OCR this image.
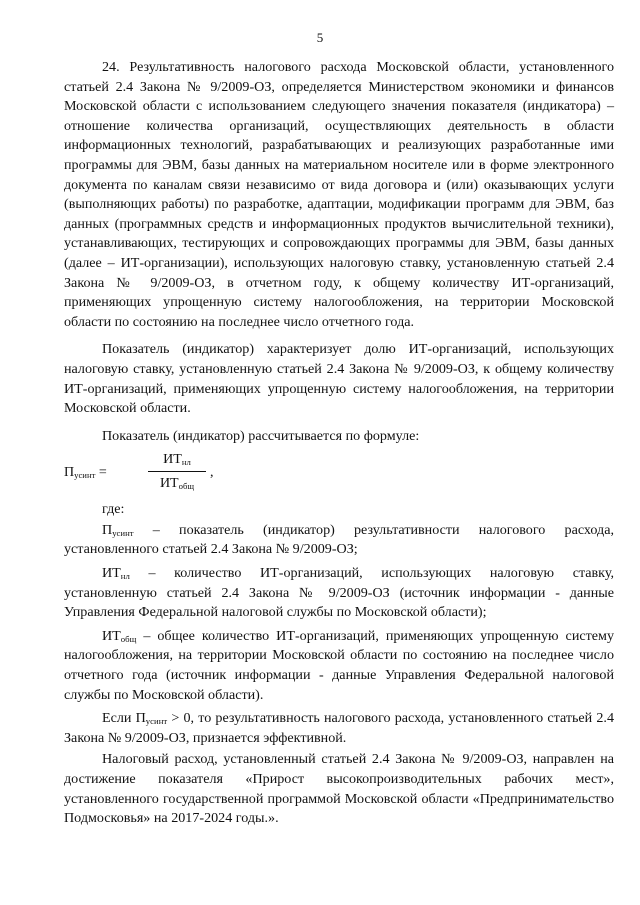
5

24. Результативность налогового расхода Московской области, установленного статьей 2.4 Закона № 9/2009-ОЗ, определяется Министерством экономики и финансов Московской области с использованием следующего значения показателя (индикатора) – отношение количества организаций, осуществляющих деятельность в области информационных технологий, разрабатывающих и реализующих разработанные ими программы для ЭВМ, базы данных на материальном носителе или в форме электронного документа по каналам связи независимо от вида договора и (или) оказывающих услуги (выполняющих работы) по разработке, адаптации, модификации программ для ЭВМ, баз данных (программных средств и информационных продуктов вычислительной техники), устанавливающих, тестирующих и сопровождающих программы для ЭВМ, базы данных (далее – ИТ-организации), использующих налоговую ставку, установленную статьей 2.4 Закона № 9/2009-ОЗ, в отчетном году, к общему количеству ИТ-организаций, применяющих упрощенную систему налогообложения, на территории Московской области по состоянию на последнее число отчетного года.

Показатель (индикатор) характеризует долю ИТ-организаций, использующих налоговую ставку, установленную статьей 2.4 Закона № 9/2009-ОЗ, к общему количеству ИТ-организаций, применяющих упрощенную систему налогообложения, на территории Московской области.

Показатель (индикатор) рассчитывается по формуле:

$П_{усинт}$ =
$ИТ_{нл}$
$ИТ_{общ}$
,

где:

$П_{усинт}$ – показатель (индикатор) результативности налогового расхода, установленного статьей 2.4 Закона № 9/2009-ОЗ;

$ИТ_{нл}$ – количество ИТ-организаций, использующих налоговую ставку, установленную статьей 2.4 Закона № 9/2009-ОЗ (источник информации - данные Управления Федеральной налоговой службы по Московской области);

$ИТ_{общ}$ – общее количество ИТ-организаций, применяющих упрощенную систему налогообложения, на территории Московской области по состоянию на последнее число отчетного года (источник информации - данные Управления Федеральной налоговой службы по Московской области).

Если $П_{усинт} > 0$, то результативность налогового расхода, установленного статьей 2.4 Закона № 9/2009-ОЗ, признается эффективной.

Налоговый расход, установленный статьей 2.4 Закона № 9/2009-ОЗ, направлен на достижение показателя «Прирост высокопроизводительных рабочих мест», установленного государственной программой Московской области «Предпринимательство Подмосковья» на 2017-2024 годы.».
